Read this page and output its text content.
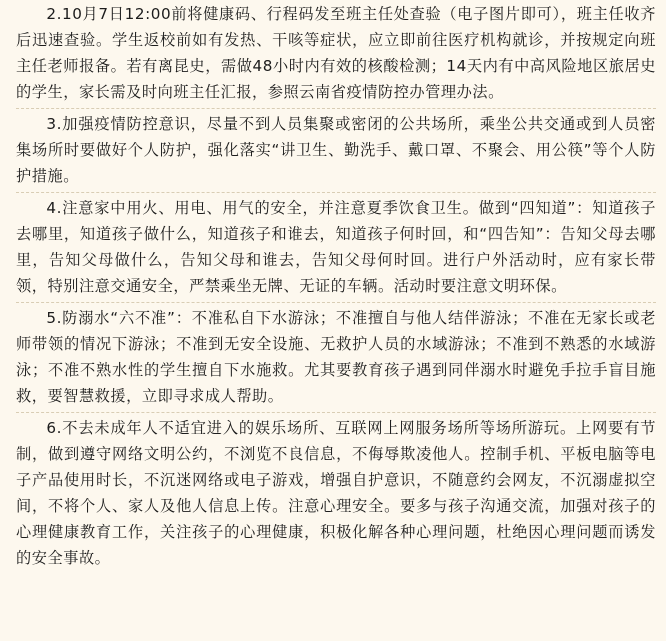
2.10月7日12:00前将健康码、行程码发至班主任处查验（电子图片即可），班主任收齐后迅速查验。学生返校前如有发热、干咳等症状，应立即前往医疗机构就诊，并按规定向班主任老师报备。若有离昆史，需做48小时内有效的核酸检测；14天内有中高风险地区旅居史的学生，家长需及时向班主任汇报，参照云南省疫情防控办管理办法。

3.加强疫情防控意识，尽量不到人员集聚或密闭的公共场所，乘坐公共交通或到人员密集场所时要做好个人防护，强化落实“讲卫生、勤洗手、戴口罩、不聚会、用公筷”等个人防护措施。

4.注意家中用火、用电、用气的安全，并注意夏季饮食卫生。做到“四知道”：知道孩子去哪里，知道孩子做什么，知道孩子和谁去，知道孩子何时回，和“四告知”：告知父母去哪里，告知父母做什么，告知父母和谁去，告知父母何时回。进行户外活动时，应有家长带领，特别注意交通安全，严禁乘坐无牌、无证的车辆。活动时要注意文明环保。

5.防溺水“六不准”：不准私自下水游泳；不准擅自与他人结伴游泳；不准在无家长或老师带领的情况下游泳；不准到无安全设施、无救护人员的水域游泳；不准到不熟悉的水域游泳；不准不熟水性的学生擅自下水施救。尤其要教育孩子遇到同伴溺水时避免手拉手盲目施救，要智慧救援，立即寻求成人帮助。

6.不去未成年人不适宜进入的娱乐场所、互联网上网服务场所等场所游玩。上网要有节制，做到遵守网络文明公约，不浏览不良信息，不侮辱欺凌他人。控制手机、平板电脑等电子产品使用时长，不沉迷网络或电子游戏，增强自护意识，不随意约会网友，不沉溺虚拟空间，不将个人、家人及他人信息上传。注意心理安全。要多与孩子沟通交流，加强对孩子的心理健康教育工作，关注孩子的心理健康，积极化解各种心理问题，杜绝因心理问题而诱发的安全事故。
